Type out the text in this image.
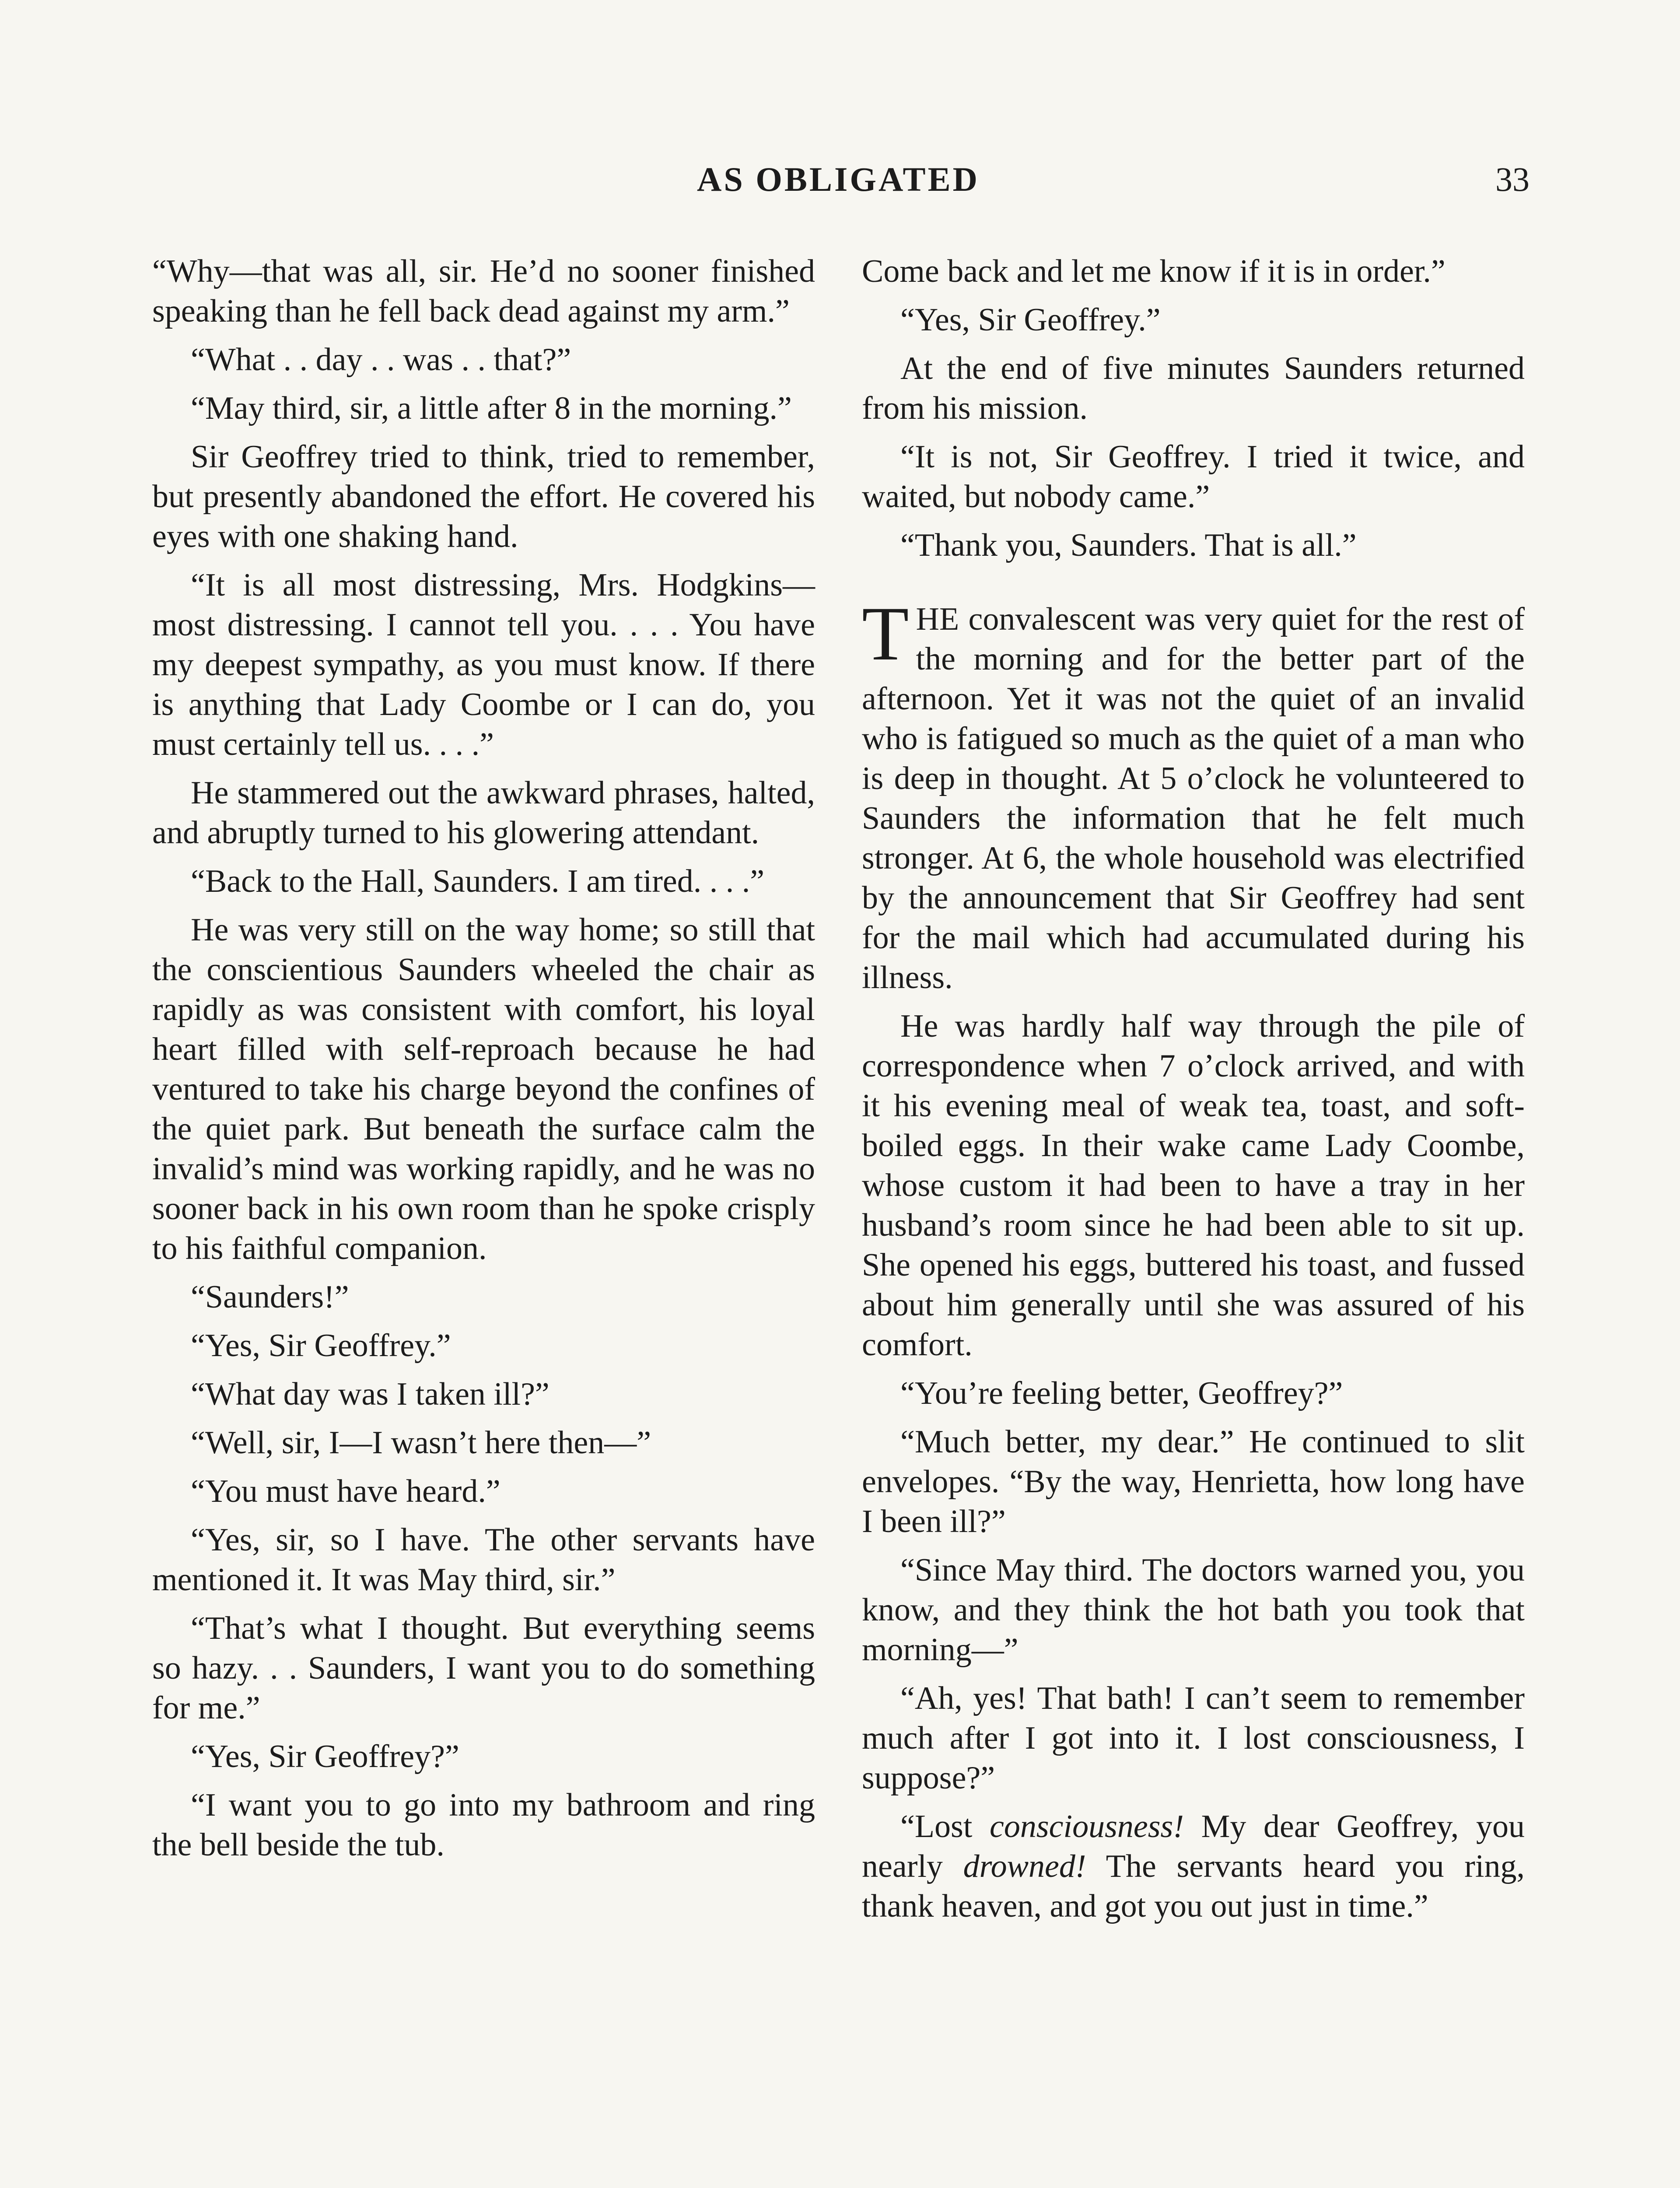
AS OBLIGATED	33

“Why—that was all, sir. He’d no sooner finished speaking than he fell back dead against my arm.”

“What . . day . . was . . that?”

“May third, sir, a little after 8 in the morning.”

Sir Geoffrey tried to think, tried to remember, but presently abandoned the effort. He covered his eyes with one shaking hand.

“It is all most distressing, Mrs. Hodgkins—most distressing. I cannot tell you. . . . You have my deepest sympathy, as you must know. If there is anything that Lady Coombe or I can do, you must certainly tell us. . . .”

He stammered out the awkward phrases, halted, and abruptly turned to his glowering attendant.

“Back to the Hall, Saunders. I am tired. . . .”

He was very still on the way home; so still that the conscientious Saunders wheeled the chair as rapidly as was consistent with comfort, his loyal heart filled with self-reproach because he had ventured to take his charge beyond the confines of the quiet park. But beneath the surface calm the invalid’s mind was working rapidly, and he was no sooner back in his own room than he spoke crisply to his faithful companion.

“Saunders!”

“Yes, Sir Geoffrey.”

“What day was I taken ill?”

“Well, sir, I—I wasn’t here then—”

“You must have heard.”

“Yes, sir, so I have. The other servants have mentioned it. It was May third, sir.”

“That’s what I thought. But everything seems so hazy. . . Saunders, I want you to do something for me.”

“Yes, Sir Geoffrey?”

“I want you to go into my bathroom and ring the bell beside the tub.

Come back and let me know if it is in order.”

“Yes, Sir Geoffrey.”

At the end of five minutes Saunders returned from his mission.

“It is not, Sir Geoffrey. I tried it twice, and waited, but nobody came.”

“Thank you, Saunders. That is all.”

THE convalescent was very quiet for the rest of the morning and for the better part of the afternoon. Yet it was not the quiet of an invalid who is fatigued so much as the quiet of a man who is deep in thought. At 5 o’clock he volunteered to Saunders the information that he felt much stronger. At 6, the whole household was electrified by the announcement that Sir Geoffrey had sent for the mail which had accumulated during his illness.

He was hardly half way through the pile of correspondence when 7 o’clock arrived, and with it his evening meal of weak tea, toast, and soft-boiled eggs. In their wake came Lady Coombe, whose custom it had been to have a tray in her husband’s room since he had been able to sit up. She opened his eggs, buttered his toast, and fussed about him generally until she was assured of his comfort.

“You’re feeling better, Geoffrey?”

“Much better, my dear.” He continued to slit envelopes. “By the way, Henrietta, how long have I been ill?”

“Since May third. The doctors warned you, you know, and they think the hot bath you took that morning—”

“Ah, yes! That bath! I can’t seem to remember much after I got into it. I lost consciousness, I suppose?”

“Lost consciousness! My dear Geoffrey, you nearly drowned! The servants heard you ring, thank heaven, and got you out just in time.”
